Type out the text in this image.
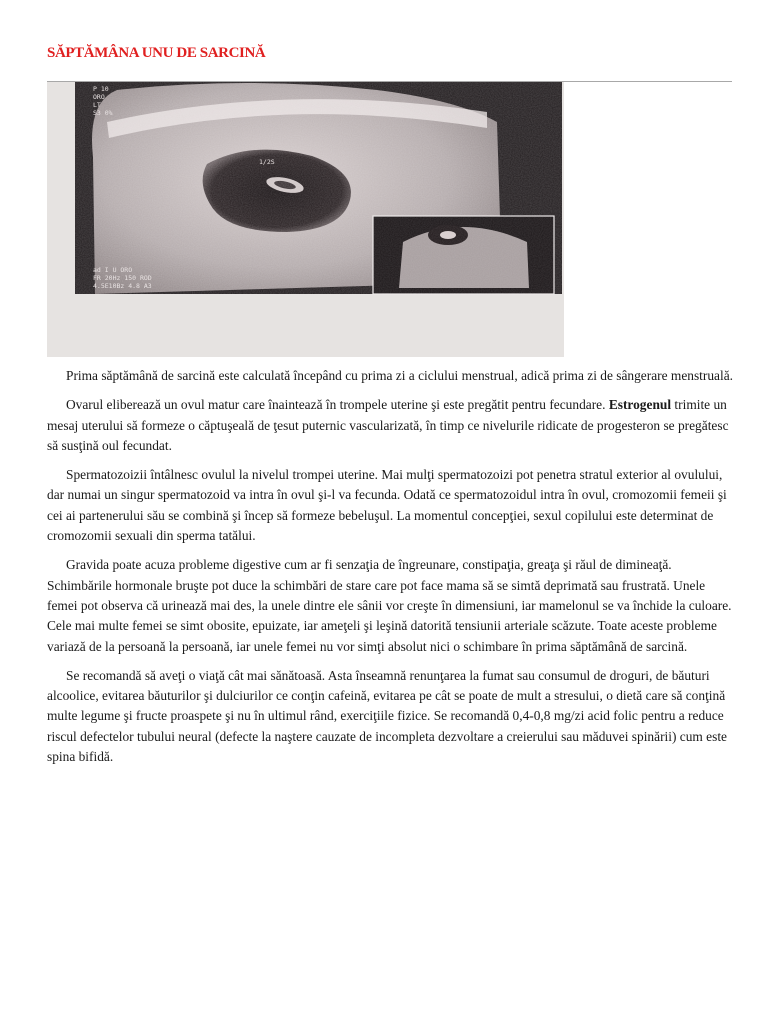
SĂPTĂMÂNA UNU DE SARCINĂ
P 10
ORO
LT
S3 0%
1/2S
ad I U ORO
FR 20Hz 150 ROD
4.5E10Bz 4.8 A3

Prima săptămână de sarcină este calculată începând cu prima zi a ciclului menstrual, adică prima zi de sângerare menstruală.

Ovarul eliberează un ovul matur care înaintează în trompele uterine şi este pregătit pentru fecundare. Estrogenul trimite un mesaj uterului să formeze o căptuşeală de ţesut puternic vascularizată, în timp ce nivelurile ridicate de progesteron se pregătesc să susţină oul fecundat.

Spermatozoizii întâlnesc ovulul la nivelul trompei uterine. Mai mulţi spermatozoizi pot penetra stratul exterior al ovulului, dar numai un singur spermatozoid va intra în ovul şi-l va fecunda. Odată ce spermatozoidul intra în ovul, cromozomii femeii şi cei ai partenerului său se combină şi încep să formeze bebeluşul. La momentul concepţiei, sexul copilului este determinat de cromozomii sexuali din sperma tatălui.

Gravida poate acuza probleme digestive cum ar fi senzaţia de îngreunare, constipaţia, greaţa şi răul de dimineaţă. Schimbările hormonale bruşte pot duce la schimbări de stare care pot face mama să se simtă deprimată sau frustrată. Unele femei pot observa că urinează mai des, la unele dintre ele sânii vor creşte în dimensiuni, iar mamelonul se va închide la culoare. Cele mai multe femei se simt obosite, epuizate, iar ameţeli şi leşină datorită tensiunii arteriale scăzute. Toate aceste probleme variază de la persoană la persoană, iar unele femei nu vor simţi absolut nici o schimbare în prima săptămână de sarcină.

Se recomandă să aveţi o viaţă cât mai sănătoasă. Asta înseamnă renunţarea la fumat sau consumul de droguri, de băuturi alcoolice, evitarea băuturilor şi dulciurilor ce conţin cafeină, evitarea pe cât se poate de mult a stresului, o dietă care să conţină multe legume şi fructe proaspete şi nu în ultimul rând, exerciţiile fizice. Se recomandă 0,4-0,8 mg/zi acid folic pentru a reduce riscul defectelor tubului neural (defecte la naştere cauzate de incompleta dezvoltare a creierului sau măduvei spinării) cum este spina bifidă.
